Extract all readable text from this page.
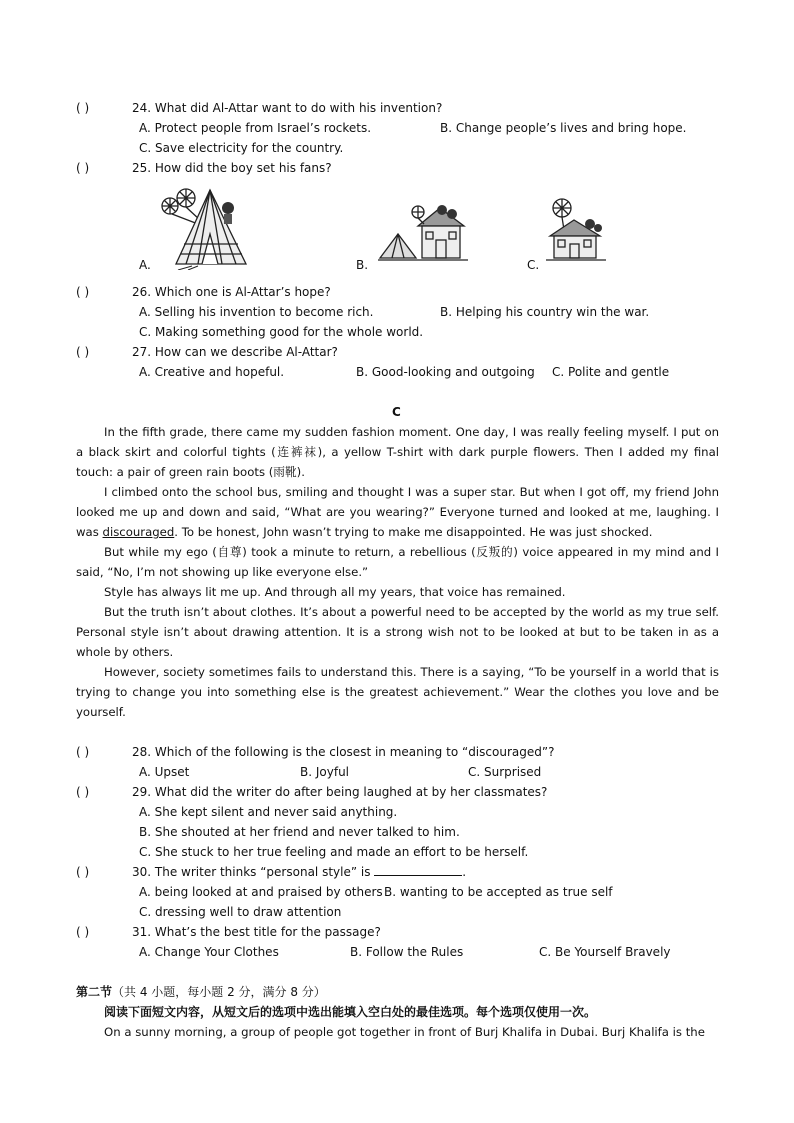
( )	24. What did Al-Attar want to do with his invention?
A. Protect people from Israel’s rockets.	B. Change people’s lives and bring hope.
C. Save electricity for the country.
( )	25. How did the boy set his fans?
A.	B.	C.
( )	26. Which one is Al-Attar’s hope?
A. Selling his invention to become rich.	B. Helping his country win the war.
C. Making something good for the whole world.
( )	27. How can we describe Al-Attar?
A. Creative and hopeful.	B. Good-looking and outgoing C. Polite and gentle
C

In the fifth grade, there came my sudden fashion moment. One day, I was really feeling myself. I put on a black skirt and colorful tights (连裤袜), a yellow T-shirt with dark purple flowers. Then I added my final touch: a pair of green rain boots (雨靴).

I climbed onto the school bus, smiling and thought I was a super star. But when I got off, my friend John looked me up and down and said, “What are you wearing?” Everyone turned and looked at me, laughing. I was discouraged. To be honest, John wasn’t trying to make me disappointed. He was just shocked.

But while my ego (自尊) took a minute to return, a rebellious (反叛的) voice appeared in my mind and I said, “No, I’m not showing up like everyone else.”

Style has always lit me up. And through all my years, that voice has remained.

But the truth isn’t about clothes. It’s about a powerful need to be accepted by the world as my true self. Personal style isn’t about drawing attention. It is a strong wish not to be looked at but to be taken in as a whole by others.

However, society sometimes fails to understand this. There is a saying, “To be yourself in a world that is trying to change you into something else is the greatest achievement.” Wear the clothes you love and be yourself.

( )	28. Which of the following is the closest in meaning to “discouraged”?
A. Upset	B. Joyful	C. Surprised
( )	29. What did the writer do after being laughed at by her classmates?
A. She kept silent and never said anything.
B. She shouted at her friend and never talked to him.
C. She stuck to her true feeling and made an effort to be herself.
( )	30. The writer thinks “personal style” is	.
A. being looked at and praised by others B. wanting to be accepted as true self
C. dressing well to draw attention
( )	31. What’s the best title for the passage?
A. Change Your Clothes	B. Follow the Rules	C. Be Yourself Bravely
第二节（共 4 小题，每小题 2 分，满分 8 分）
阅读下面短文内容，从短文后的选项中选出能填入空白处的最佳选项。每个选项仅使用一次。

On a sunny morning, a group of people got together in front of Burj Khalifa in Dubai. Burj Khalifa is the
